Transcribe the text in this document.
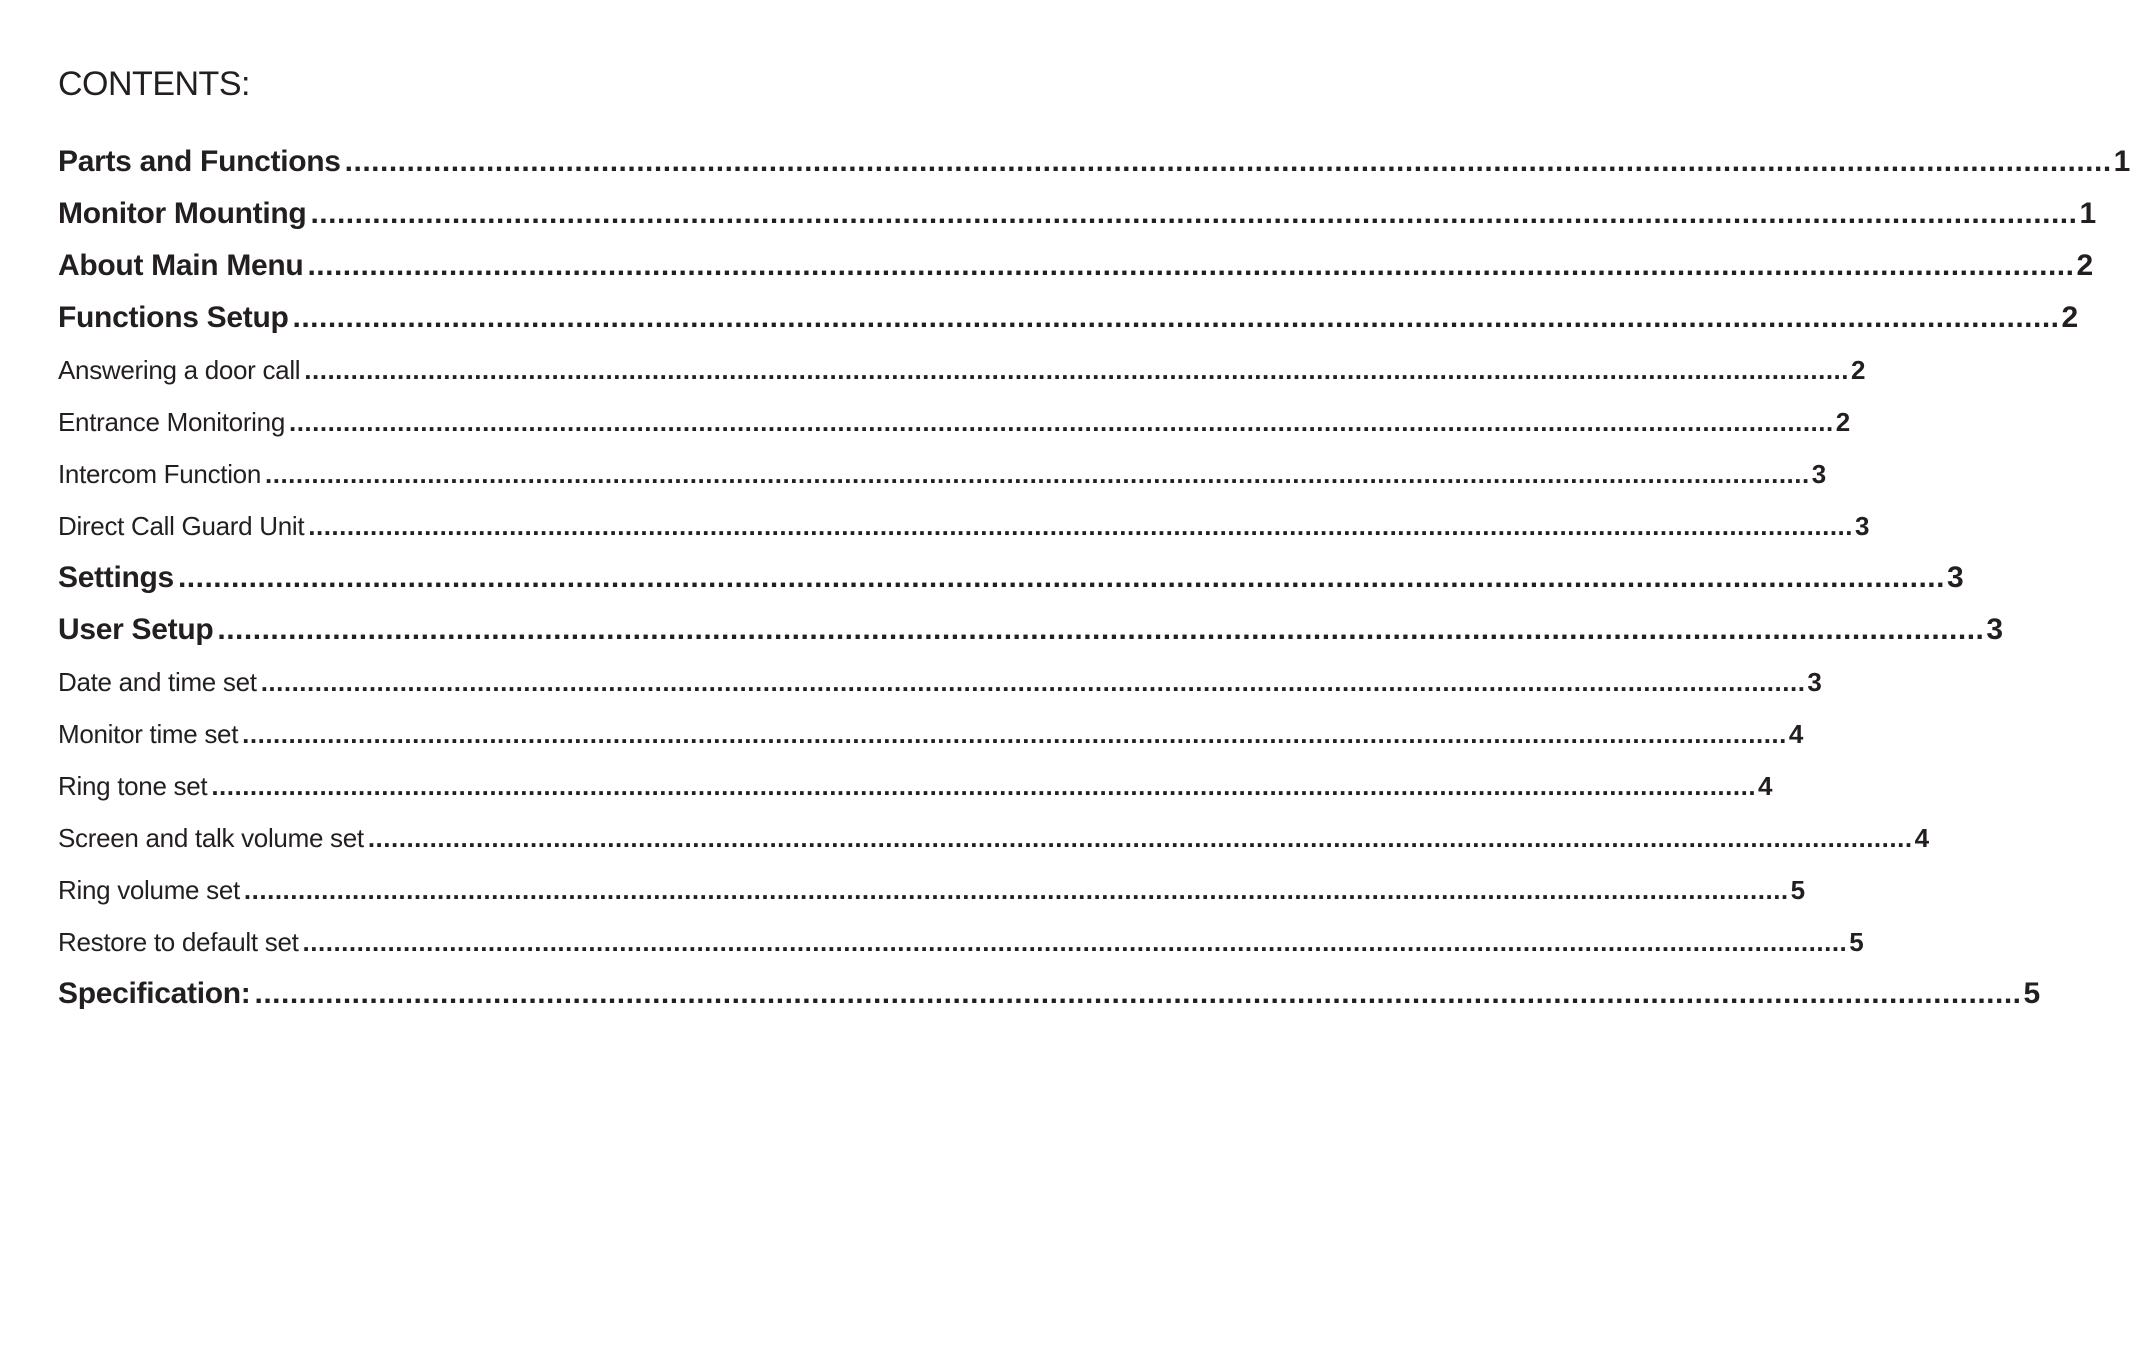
CONTENTS:
Parts and Functions ........................................................................................................................................................................................................ 1
Monitor Mounting ........................................................................................................................................................................................................ 1
About Main Menu ........................................................................................................................................................................................................ 2
Functions Setup ........................................................................................................................................................................................................ 2
Answering a door call ........................................................................................................................................................................................................ 2
Entrance Monitoring ........................................................................................................................................................................................................ 2
Intercom Function ........................................................................................................................................................................................................ 3
Direct Call Guard Unit ........................................................................................................................................................................................................ 3
Settings ........................................................................................................................................................................................................ 3
User Setup ........................................................................................................................................................................................................ 3
Date and time set ........................................................................................................................................................................................................ 3
Monitor time set ........................................................................................................................................................................................................ 4
Ring tone set ........................................................................................................................................................................................................ 4
Screen and talk volume set ........................................................................................................................................................................................................ 4
Ring volume set ........................................................................................................................................................................................................ 5
Restore to default set ........................................................................................................................................................................................................ 5
Specification: ........................................................................................................................................................................................................ 5
